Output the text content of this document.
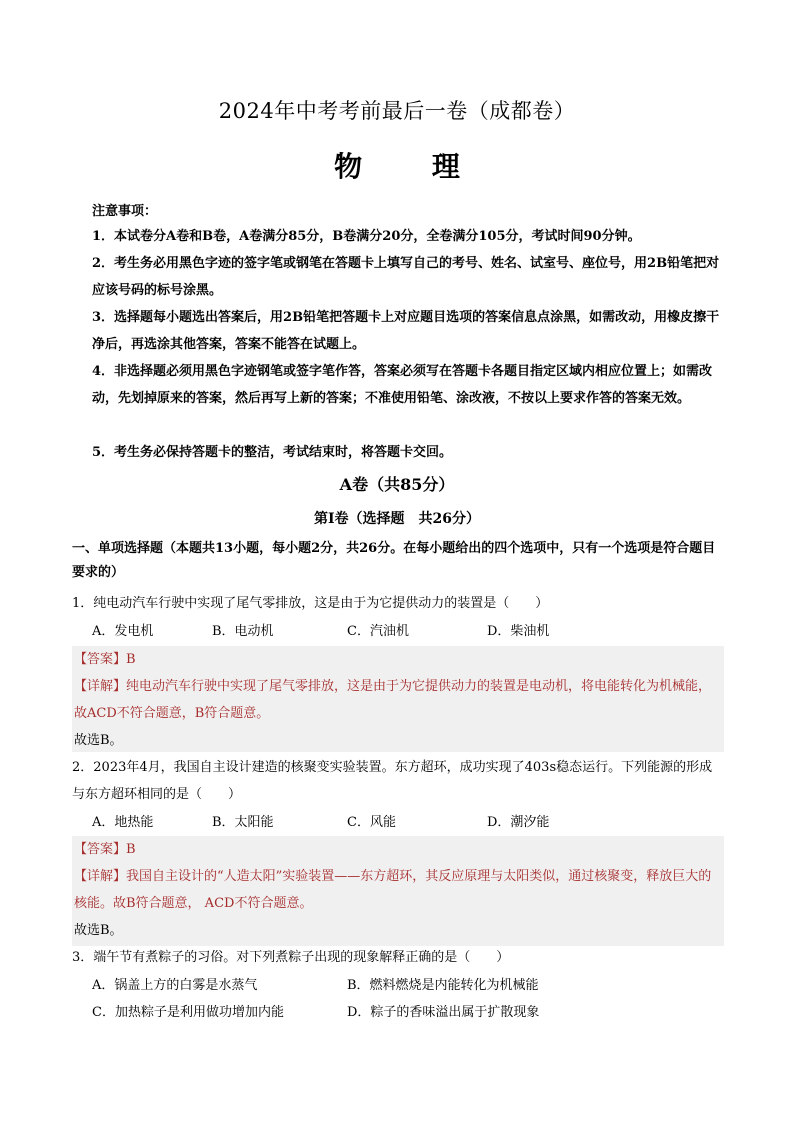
2024年中考考前最后一卷（成都卷）
物 理
注意事项：
1．本试卷分A卷和B卷，A卷满分85分，B卷满分20分，全卷满分105分，考试时间90分钟。
2．考生务必用黑色字迹的签字笔或钢笔在答题卡上填写自己的考号、姓名、试室号、座位号，用2B铅笔把对应该号码的标号涂黑。
3．选择题每小题选出答案后，用2B铅笔把答题卡上对应题目选项的答案信息点涂黑，如需改动，用橡皮擦干净后，再选涂其他答案，答案不能答在试题上。
4．非选择题必须用黑色字迹钢笔或签字笔作答，答案必须写在答题卡各题目指定区域内相应位置上；如需改动，先划掉原来的答案，然后再写上新的答案；不准使用铅笔、涂改液，不按以上要求作答的答案无效。
5．考生务必保持答题卡的整洁，考试结束时，将答题卡交回。
A卷（共85分）
第I卷（选择题　共26分）
一、单项选择题（本题共13小题，每小题2分，共26分。在每小题给出的四个选项中，只有一个选项是符合题目要求的）
1．纯电动汽车行驶中实现了尾气零排放，这是由于为它提供动力的装置是（　　）
A．发电机	B．电动机	C．汽油机	D．柴油机
【答案】B
【详解】纯电动汽车行驶中实现了尾气零排放，这是由于为它提供动力的装置是电动机，将电能转化为机械能，故ACD不符合题意，B符合题意。
故选B。
2．2023年4月，我国自主设计建造的核聚变实验装置。东方超环，成功实现了403s稳态运行。下列能源的形成与东方超环相同的是（　　）
A．地热能	B．太阳能	C．风能	D．潮汐能
【答案】B
【详解】我国自主设计的“人造太阳”实验装置——东方超环，其反应原理与太阳类似，通过核聚变，释放巨大的核能。故B符合题意， ACD不符合题意。
故选B。
3．端午节有煮粽子的习俗。对下列煮粽子出现的现象解释正确的是（　　）
A．锅盖上方的白雾是水蒸气	B．燃料燃烧是内能转化为机械能
C．加热粽子是利用做功增加内能	D．粽子的香味溢出属于扩散现象
